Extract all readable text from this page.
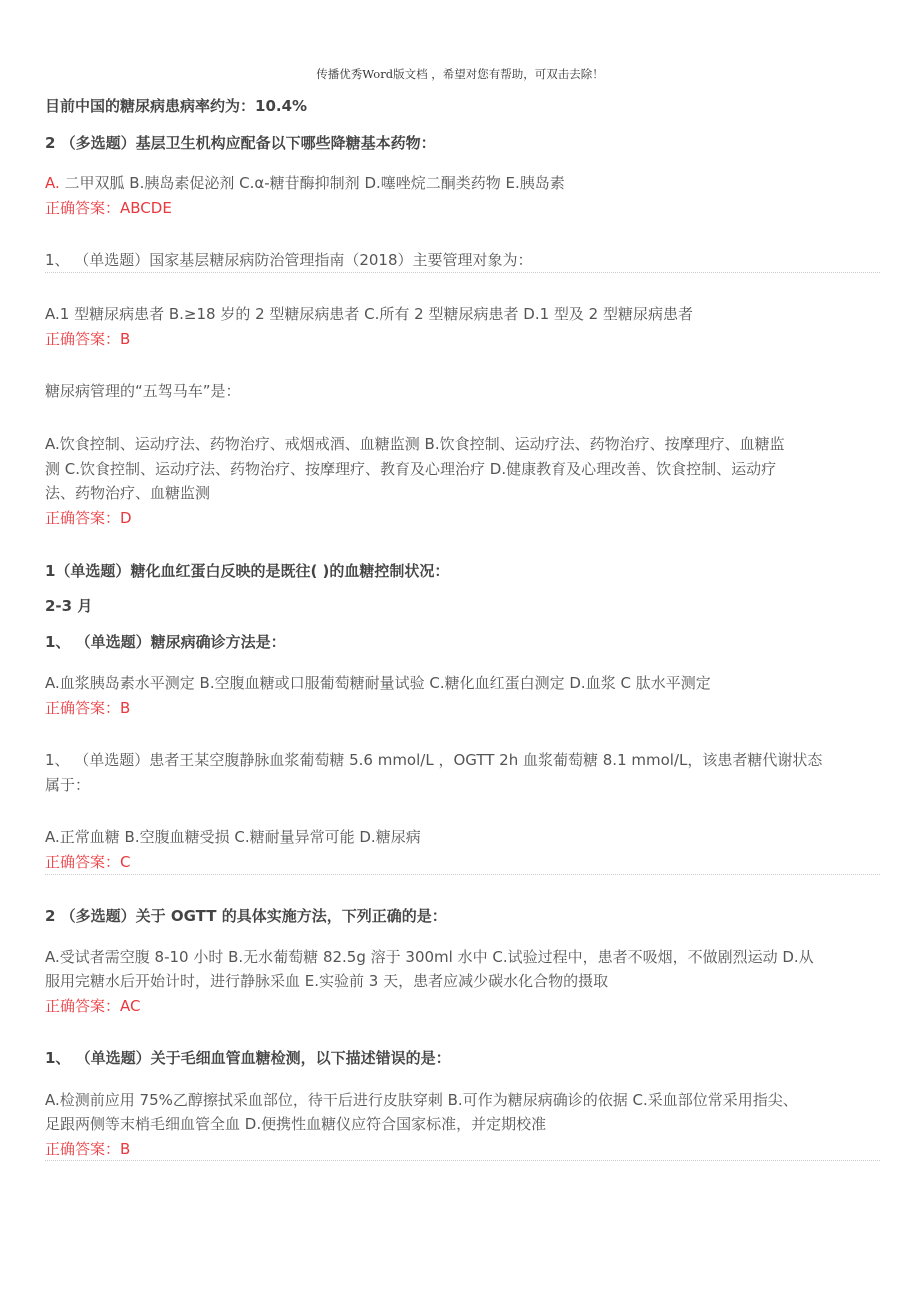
传播优秀Word版文档 ，希望对您有帮助，可双击去除！
目前中国的糖尿病患病率约为：10.4%
2 （多选题）基层卫生机构应配备以下哪些降糖基本药物：
A. 二甲双胍 B.胰岛素促泌剂 C.α-糖苷酶抑制剂 D.噻唑烷二酮类药物 E.胰岛素
正确答案：ABCDE
1、 （单选题）国家基层糖尿病防治管理指南（2018）主要管理对象为：
A.1 型糖尿病患者 B.≥18 岁的 2 型糖尿病患者 C.所有 2 型糖尿病患者 D.1 型及 2 型糖尿病患者
正确答案：B
糖尿病管理的“五驾马车”是：
A.饮食控制、运动疗法、药物治疗、戒烟戒酒、血糖监测 B.饮食控制、运动疗法、药物治疗、按摩理疗、血糖监
测 C.饮食控制、运动疗法、药物治疗、按摩理疗、教育及心理治疗 D.健康教育及心理改善、饮食控制、运动疗
法、药物治疗、血糖监测
正确答案：D
1（单选题）糖化血红蛋白反映的是既往( )的血糖控制状况：
2-3 月
1、 （单选题）糖尿病确诊方法是：
A.血浆胰岛素水平测定 B.空腹血糖或口服葡萄糖耐量试验 C.糖化血红蛋白测定 D.血浆 C 肽水平测定
正确答案：B
1、 （单选题）患者王某空腹静脉血浆葡萄糖 5.6 mmol/L ，OGTT 2h 血浆葡萄糖 8.1 mmol/L，该患者糖代谢状态
属于：
A.正常血糖 B.空腹血糖受损 C.糖耐量异常可能 D.糖尿病
正确答案：C
2 （多选题）关于 OGTT 的具体实施方法，下列正确的是：
A.受试者需空腹 8-10 小时 B.无水葡萄糖 82.5g 溶于 300ml 水中 C.试验过程中，患者不吸烟，不做剧烈运动 D.从
服用完糖水后开始计时，进行静脉采血 E.实验前 3 天，患者应减少碳水化合物的摄取
正确答案：AC
1、 （单选题）关于毛细血管血糖检测，以下描述错误的是：
A.检测前应用 75%乙醇擦拭采血部位，待干后进行皮肤穿刺 B.可作为糖尿病确诊的依据 C.采血部位常采用指尖、
足跟两侧等末梢毛细血管全血 D.便携性血糖仪应符合国家标准，并定期校准
正确答案：B
